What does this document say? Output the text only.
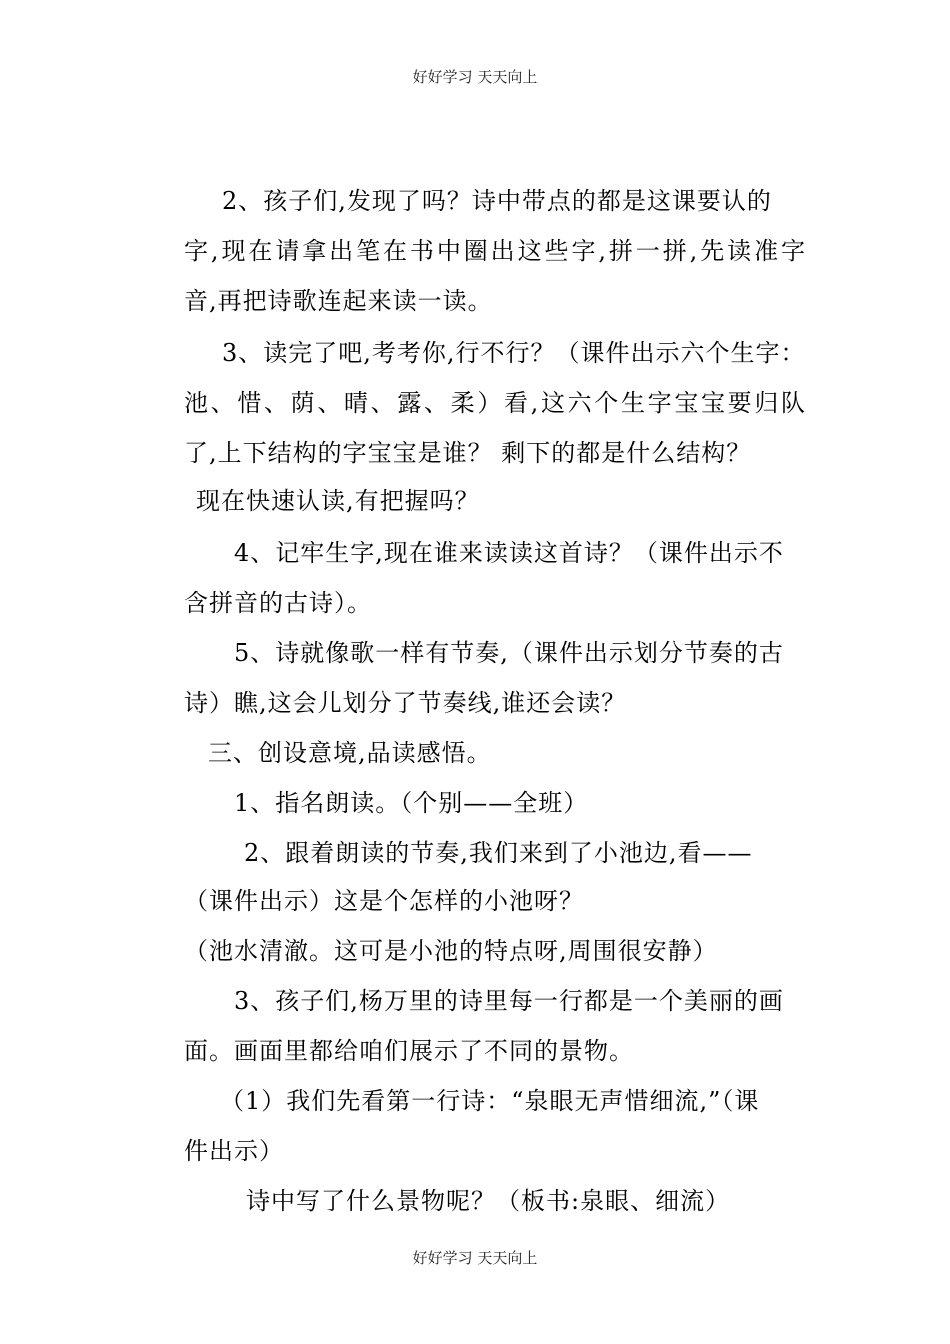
好好学习 天天向上
2、孩子们,发现了吗？诗中带点的都是这课要认的
字,现在请拿出笔在书中圈出这些字,拼一拼,先读准字
音,再把诗歌连起来读一读。
3、读完了吧,考考你,行不行？（课件出示六个生字：
池、惜、荫、晴、露、柔）看,这六个生字宝宝要归队
了,上下结构的字宝宝是谁？ 剩下的都是什么结构？
现在快速认读,有把握吗？
4、记牢生字,现在谁来读读这首诗？（课件出示不
含拼音的古诗）。
5、诗就像歌一样有节奏,（课件出示划分节奏的古
诗）瞧,这会儿划分了节奏线,谁还会读？
三、创设意境,品读感悟。
1、指名朗读。（个别——全班）
2、跟着朗读的节奏,我们来到了小池边,看——
（课件出示）这是个怎样的小池呀？
（池水清澈。这可是小池的特点呀,周围很安静）
3、孩子们,杨万里的诗里每一行都是一个美丽的画
面。画面里都给咱们展示了不同的景物。
（1）我们先看第一行诗：“泉眼无声惜细流,”（课
件出示）
诗中写了什么景物呢？（板书:泉眼、细流）
好好学习 天天向上
